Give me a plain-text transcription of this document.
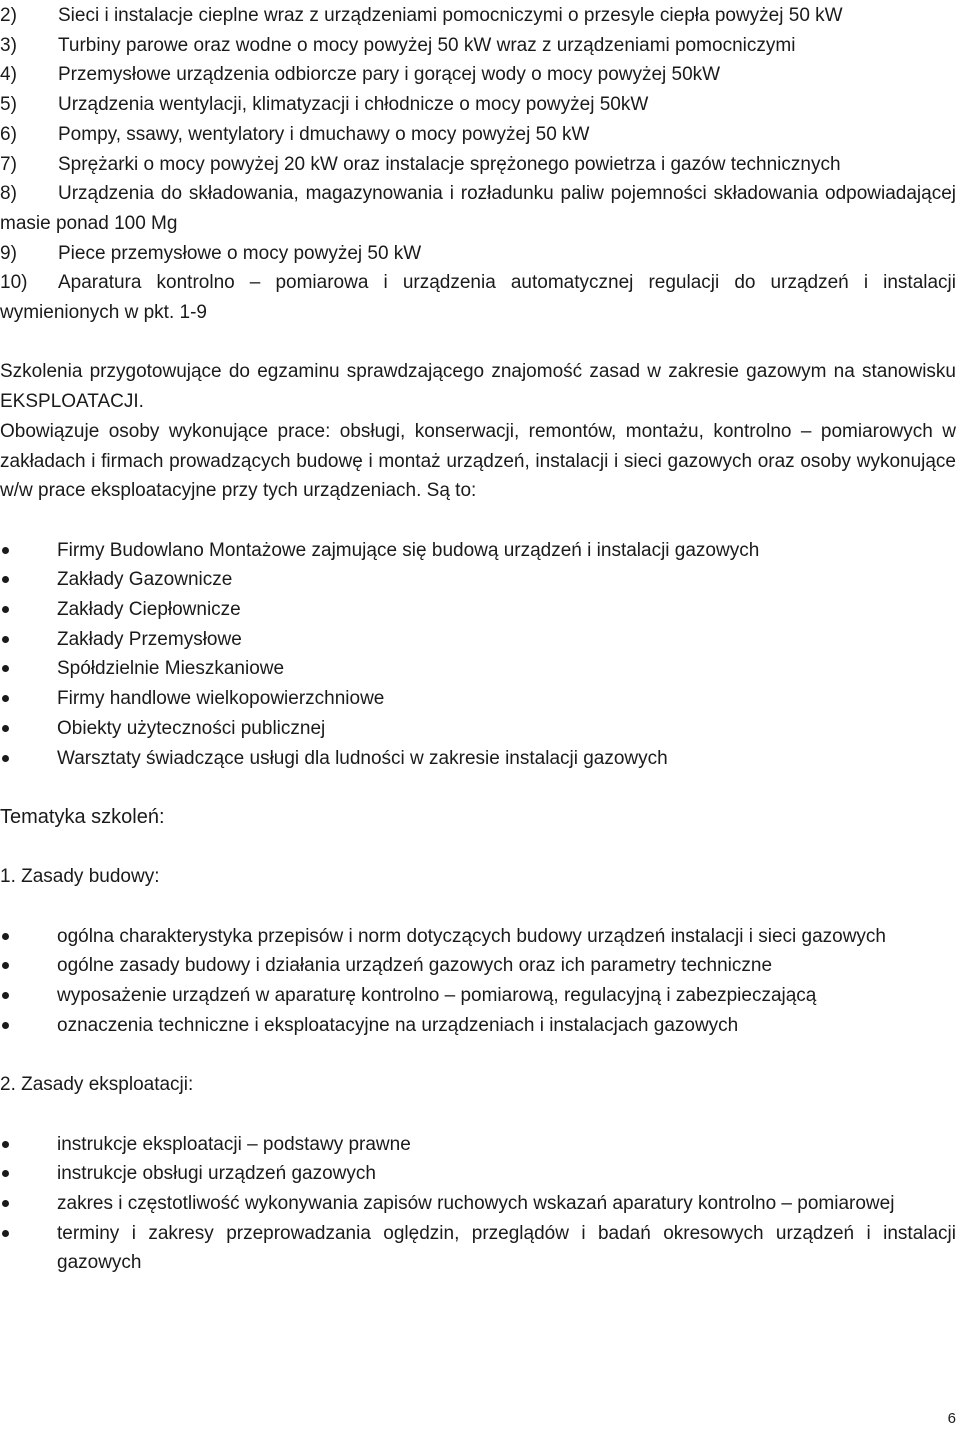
2)	Sieci i instalacje cieplne wraz z urządzeniami pomocniczymi o przesyle ciepła powyżej 50 kW
3)	Turbiny parowe oraz wodne o mocy powyżej 50 kW wraz z urządzeniami pomocniczymi
4)	Przemysłowe urządzenia odbiorcze pary i gorącej wody o mocy powyżej 50kW
5)	Urządzenia wentylacji, klimatyzacji i chłodnicze o mocy powyżej 50kW
6)	Pompy, ssawy, wentylatory i dmuchawy o mocy powyżej 50 kW
7)	Sprężarki o mocy powyżej 20 kW oraz instalacje sprężonego powietrza i gazów technicznych
8) Urządzenia do składowania, magazynowania i rozładunku paliw pojemności składowania odpowiadającej masie ponad 100 Mg
9)	Piece przemysłowe o mocy powyżej 50 kW
10) Aparatura kontrolno – pomiarowa i urządzenia automatycznej regulacji do urządzeń i instalacji wymienionych w pkt. 1-9
Szkolenia przygotowujące do egzaminu sprawdzającego znajomość zasad w zakresie gazowym na stanowisku EKSPLOATACJI.
Obowiązuje osoby wykonujące prace: obsługi, konserwacji, remontów, montażu, kontrolno – pomiarowych w zakładach i firmach prowadzących budowę i montaż urządzeń, instalacji i sieci gazowych oraz osoby wykonujące w/w prace eksploatacyjne przy tych urządzeniach. Są to:
Firmy Budowlano Montażowe zajmujące się budową urządzeń i instalacji gazowych
Zakłady Gazownicze
Zakłady Ciepłownicze
Zakłady Przemysłowe
Spółdzielnie Mieszkaniowe
Firmy handlowe wielkopowierzchniowe
Obiekty użyteczności publicznej
Warsztaty świadczące usługi dla ludności w zakresie instalacji gazowych
Tematyka szkoleń:
1. Zasady budowy:
ogólna charakterystyka przepisów i norm dotyczących budowy urządzeń instalacji i sieci gazowych
ogólne zasady budowy i działania urządzeń gazowych oraz ich parametry techniczne
wyposażenie urządzeń w aparaturę kontrolno – pomiarową, regulacyjną i zabezpieczającą
oznaczenia techniczne i eksploatacyjne na urządzeniach i instalacjach gazowych
2. Zasady eksploatacji:
instrukcje eksploatacji – podstawy prawne
instrukcje obsługi urządzeń gazowych
zakres i częstotliwość wykonywania zapisów ruchowych wskazań aparatury kontrolno – pomiarowej
terminy i zakresy przeprowadzania oględzin, przeglądów i badań okresowych urządzeń i instalacji gazowych
6
